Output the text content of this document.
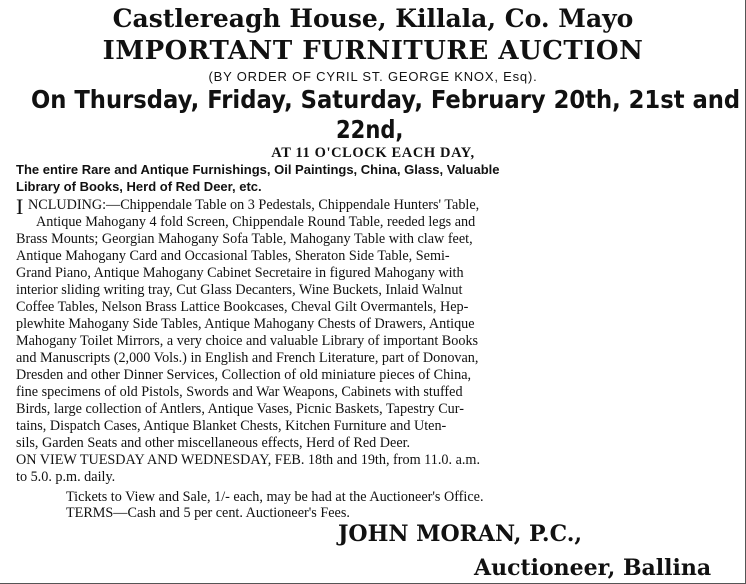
Castlereagh House, Killala, Co. Mayo
IMPORTANT FURNITURE AUCTION
(BY ORDER OF CYRIL ST. GEORGE KNOX, Esq).
On Thursday, Friday, Saturday, February 20th, 21st and
22nd,
AT 11 O'CLOCK EACH DAY,
The entire Rare and Antique Furnishings, Oil Paintings, China, Glass, Valuable
Library of Books, Herd of Red Deer, etc.
I NCLUDING:—Chippendale Table on 3 Pedestals, Chippendale Hunters' Table,
Antique Mahogany 4 fold Screen, Chippendale Round Table, reeded legs and
Brass Mounts; Georgian Mahogany Sofa Table, Mahogany Table with claw feet,
Antique Mahogany Card and Occasional Tables, Sheraton Side Table, Semi-
Grand Piano, Antique Mahogany Cabinet Secretaire in figured Mahogany with
interior sliding writing tray, Cut Glass Decanters, Wine Buckets, Inlaid Walnut
Coffee Tables, Nelson Brass Lattice Bookcases, Cheval Gilt Overmantels, Hep-
plewhite Mahogany Side Tables, Antique Mahogany Chests of Drawers, Antique
Mahogany Toilet Mirrors, a very choice and valuable Library of important Books
and Manuscripts (2,000 Vols.) in English and French Literature, part of Donovan,
Dresden and other Dinner Services, Collection of old miniature pieces of China,
fine specimens of old Pistols, Swords and War Weapons, Cabinets with stuffed
Birds, large collection of Antlers, Antique Vases, Picnic Baskets, Tapestry Cur-
tains, Dispatch Cases, Antique Blanket Chests, Kitchen Furniture and Uten-
sils, Garden Seats and other miscellaneous effects, Herd of Red Deer.
ON VIEW TUESDAY AND WEDNESDAY, FEB. 18th and 19th, from 11.0. a.m.
to 5.0. p.m. daily.
Tickets to View and Sale, 1/- each, may be had at the Auctioneer's Office.
TERMS—Cash and 5 per cent. Auctioneer's Fees.
JOHN MORAN, P.C.,
Auctioneer, Ballina
